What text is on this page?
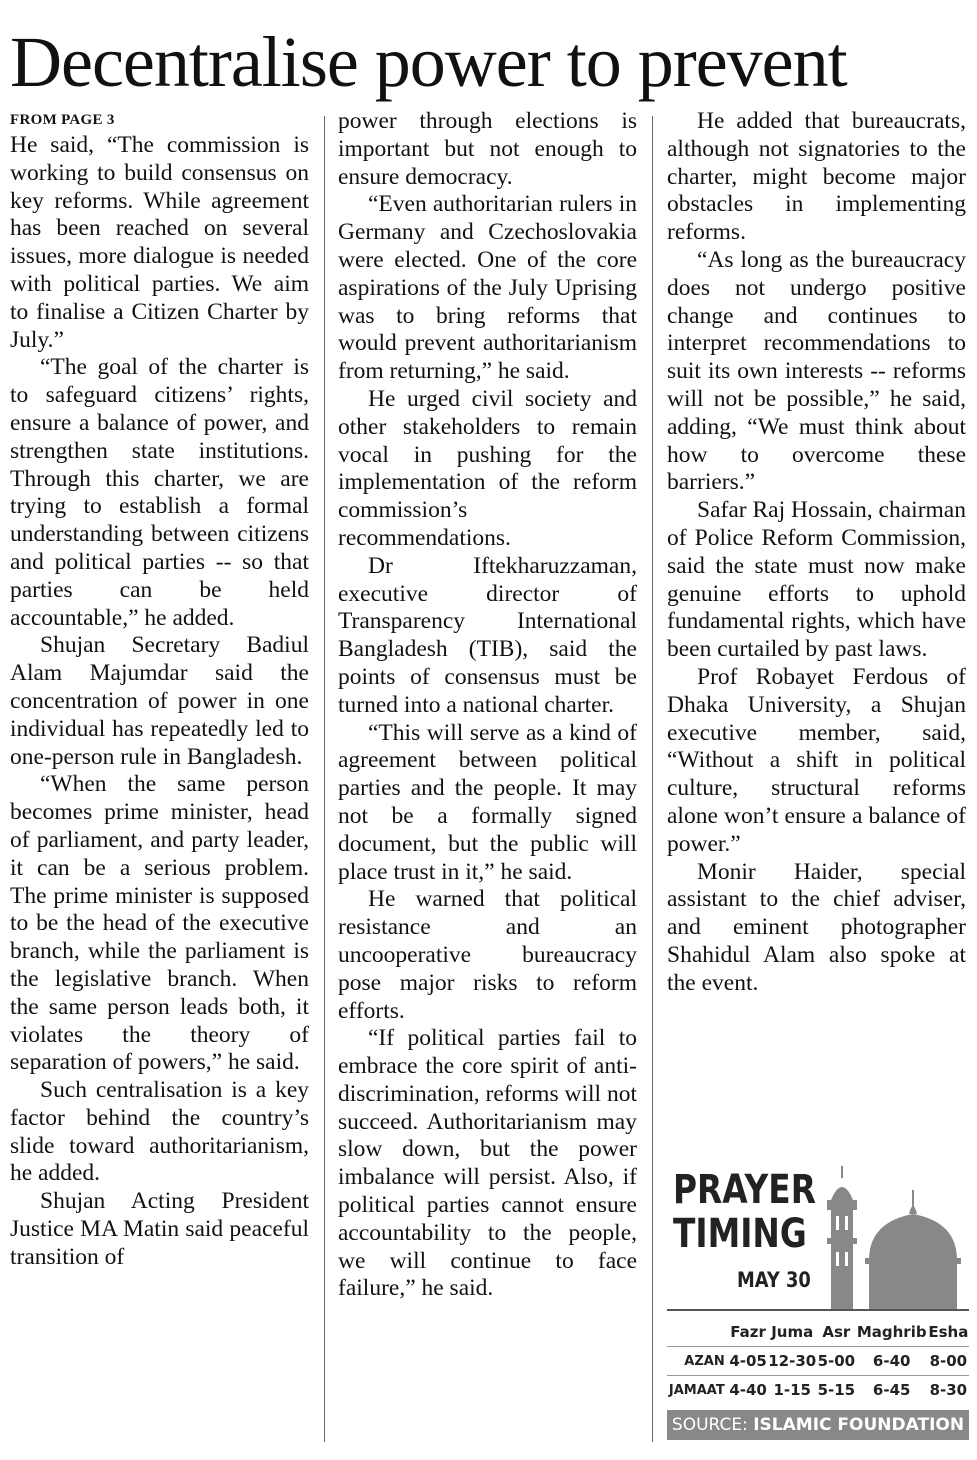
Decentralise power to prevent
FROM PAGE 3

He said, “The commission is working to build consensus on key reforms. While agreement has been reached on several issues, more dialogue is needed with political parties. We aim to finalise a Citizen Charter by July.”

“The goal of the charter is to safeguard citizens’ rights, ensure a balance of power, and strengthen state institutions. Through this charter, we are trying to establish a formal understanding between citizens and political parties -- so that parties can be held accountable,” he added.

Shujan Secretary Badiul Alam Majumdar said the concentration of power in one individual has repeatedly led to one-person rule in Bangladesh.

“When the same person becomes prime minister, head of parliament, and party leader, it can be a serious problem. The prime minister is supposed to be the head of the executive branch, while the parliament is the legislative branch. When the same person leads both, it violates the theory of separation of powers,” he said.

Such centralisation is a key factor behind the country’s slide toward authoritarianism, he added.

Shujan Acting President Justice MA Matin said peaceful transition of

power through elections is important but not enough to ensure democracy.

“Even authoritarian rulers in Germany and Czechoslovakia were elected. One of the core aspirations of the July Uprising was to bring reforms that would prevent authoritarianism from returning,” he said.

He urged civil society and other stakeholders to remain vocal in pushing for the implementation of the reform commission’s recommendations.

Dr Iftekharuzzaman, executive director of Transparency International Bangladesh (TIB), said the points of consensus must be turned into a national charter.

“This will serve as a kind of agreement between political parties and the people. It may not be a formally signed document, but the public will place trust in it,” he said.

He warned that political resistance and an uncooperative bureaucracy pose major risks to reform efforts.

“If political parties fail to embrace the core spirit of anti-discrimination, reforms will not succeed. Authoritarianism may slow down, but the power imbalance will persist. Also, if political parties cannot ensure accountability to the people, we will continue to face failure,” he said.

He added that bureaucrats, although not signatories to the charter, might become major obstacles in implementing reforms.

“As long as the bureaucracy does not undergo positive change and continues to interpret recommendations to suit its own interests -- reforms will not be possible,” he said, adding, “We must think about how to overcome these barriers.”

Safar Raj Hossain, chairman of Police Reform Commission, said the state must now make genuine efforts to uphold fundamental rights, which have been curtailed by past laws.

Prof Robayet Ferdous of Dhaka University, a Shujan executive member, said, “Without a shift in political culture, structural reforms alone won’t ensure a balance of power.”

Monir Haider, special assistant to the chief adviser, and eminent photographer Shahidul Alam also spoke at the event.

PRAYER
TIMING
MAY 30
	Fazr	Juma	Asr	Maghrib	Esha
AZAN	4-05	12-30	5-00	6-40	8-00
JAMAAT	4-40	1-15	5-15	6-45	8-30
SOURCE: ISLAMIC FOUNDATION
